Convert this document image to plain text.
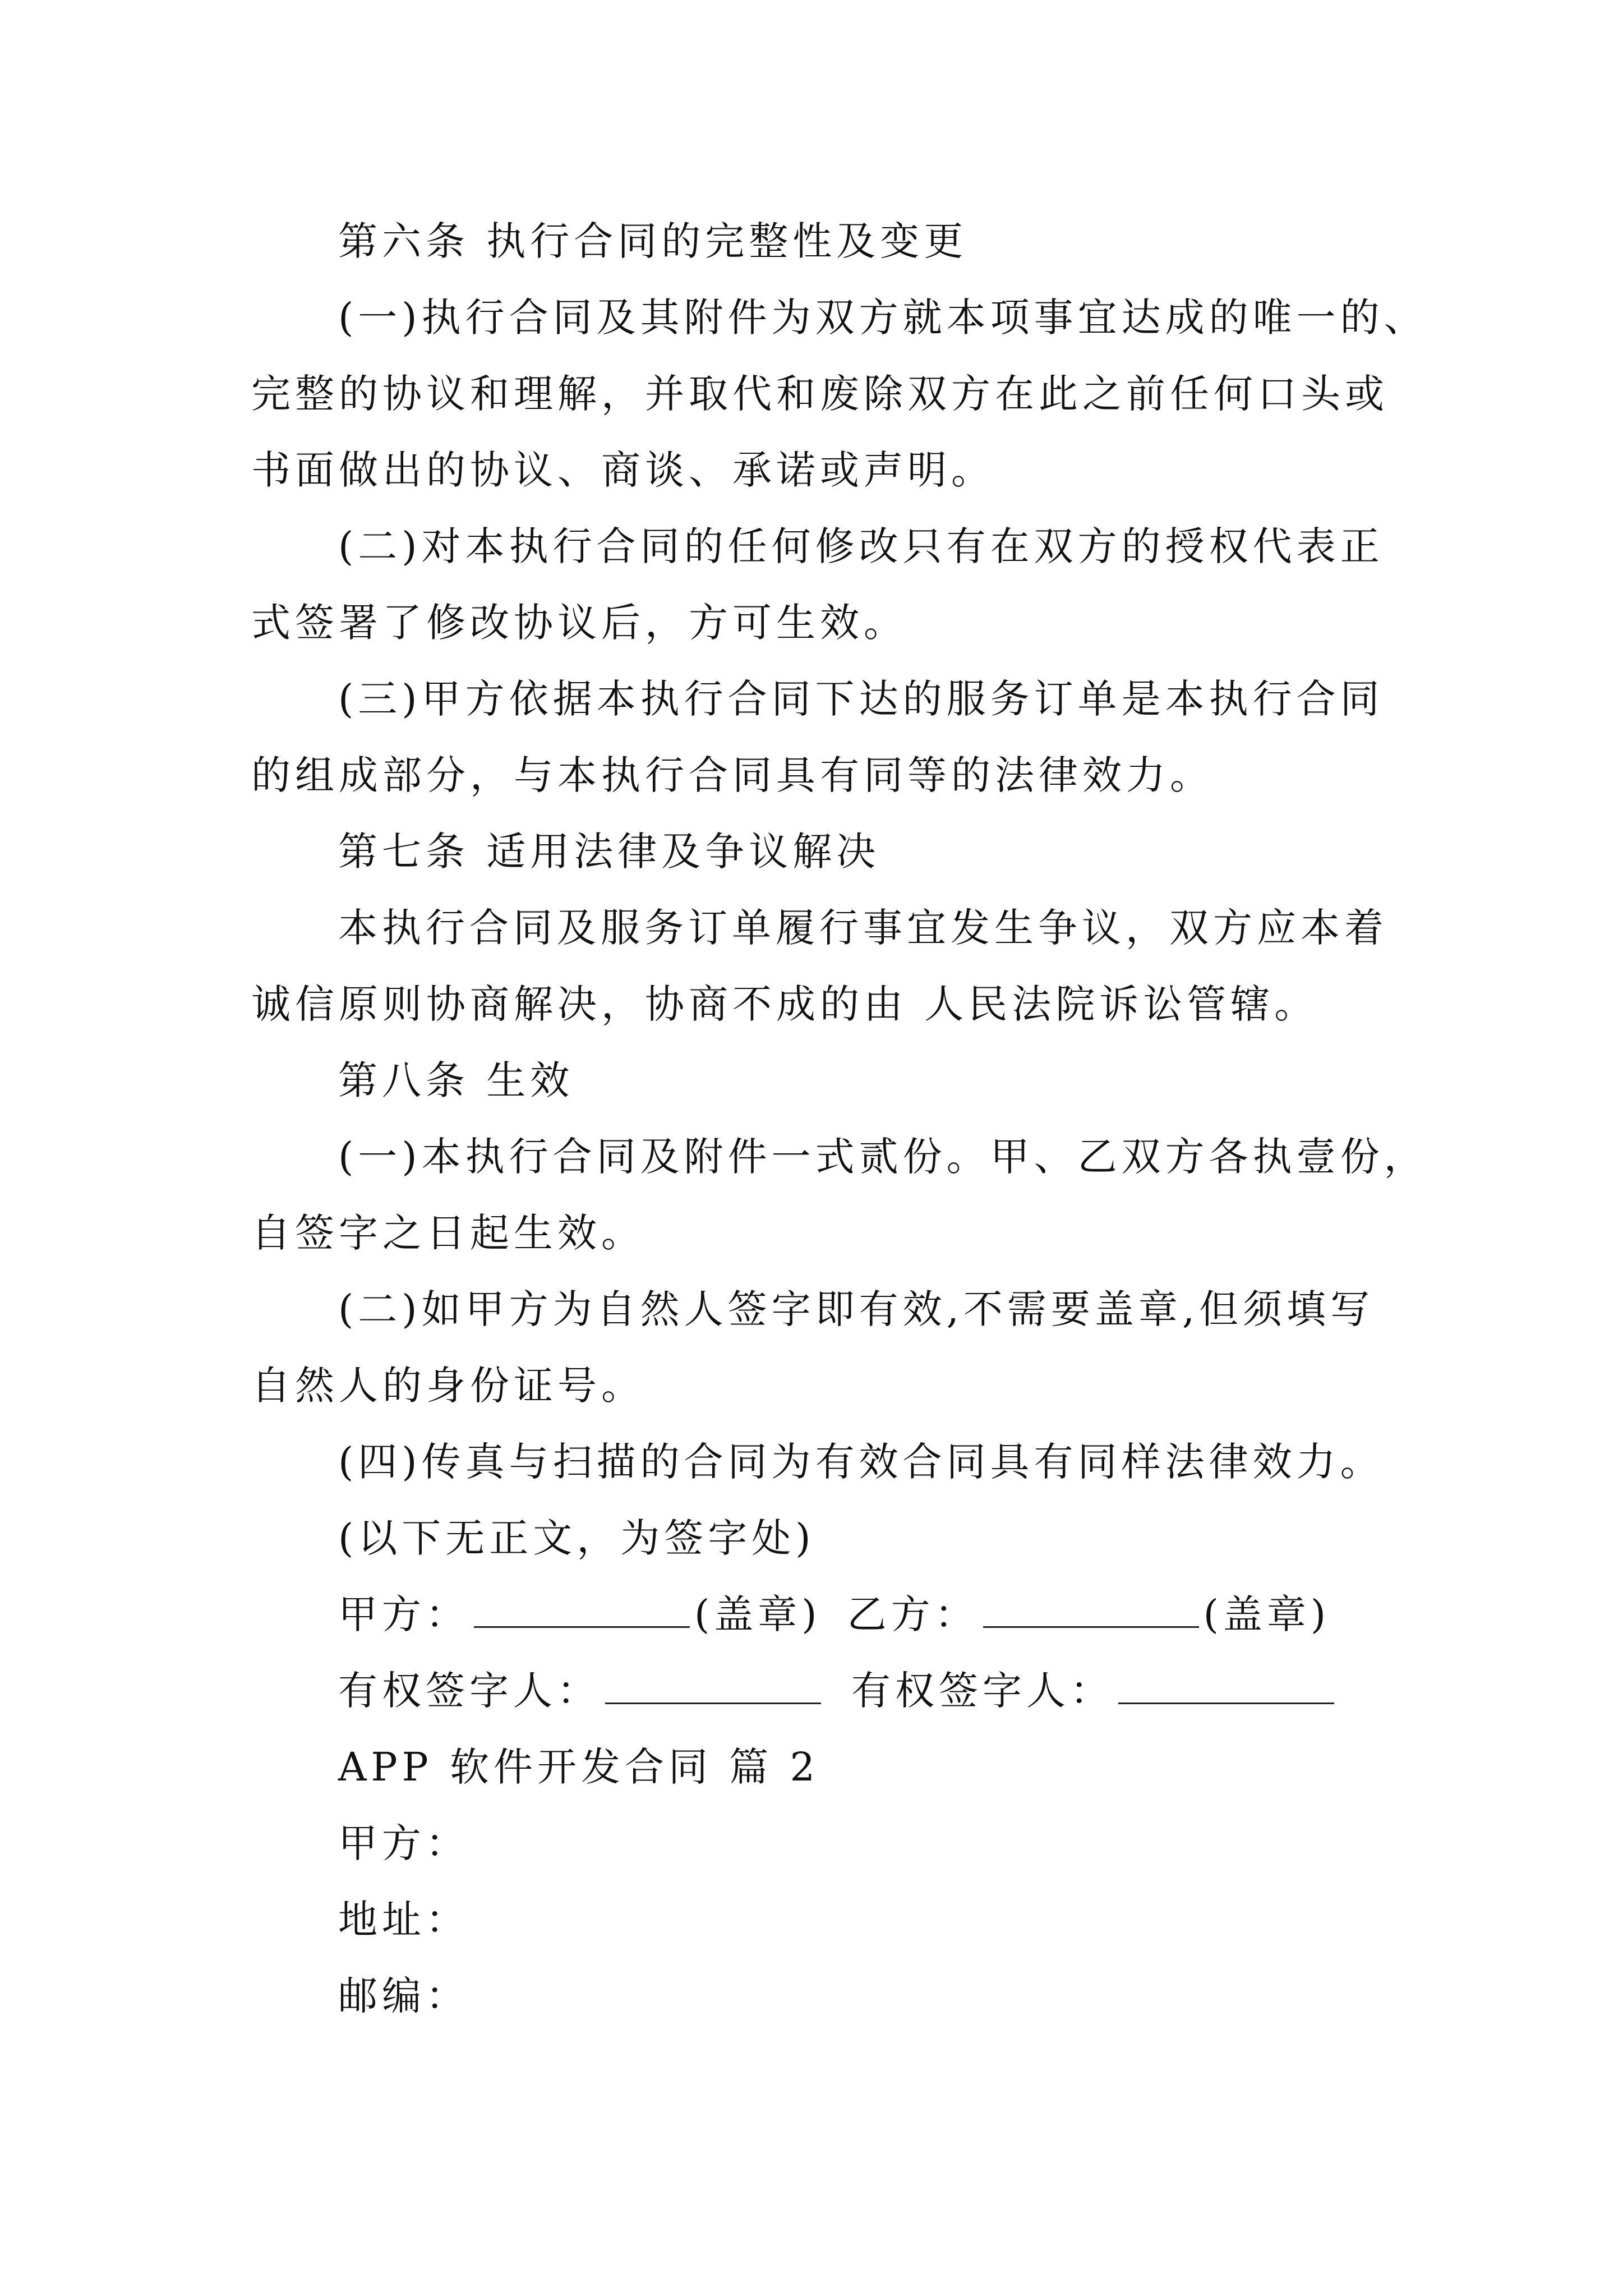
第六条 执行合同的完整性及变更
(一)执行合同及其附件为双方就本项事宜达成的唯一的、
完整的协议和理解，并取代和废除双方在此之前任何口头或
书面做出的协议、商谈、承诺或声明。
(二)对本执行合同的任何修改只有在双方的授权代表正
式签署了修改协议后，方可生效。
(三)甲方依据本执行合同下达的服务订单是本执行合同
的组成部分，与本执行合同具有同等的法律效力。
第七条 适用法律及争议解决
本执行合同及服务订单履行事宜发生争议，双方应本着
诚信原则协商解决，协商不成的由 人民法院诉讼管辖。
第八条 生效
(一)本执行合同及附件一式贰份。甲、乙双方各执壹份，
自签字之日起生效。
(二)如甲方为自然人签字即有效,不需要盖章,但须填写
自然人的身份证号。
(四)传真与扫描的合同为有效合同具有同样法律效力。
(以下无正文，为签字处)
甲方：	(盖章) 乙方：	(盖章)
有权签字人：	有权签字人：
APP 软件开发合同 篇 2
甲方：
地址：
邮编：
